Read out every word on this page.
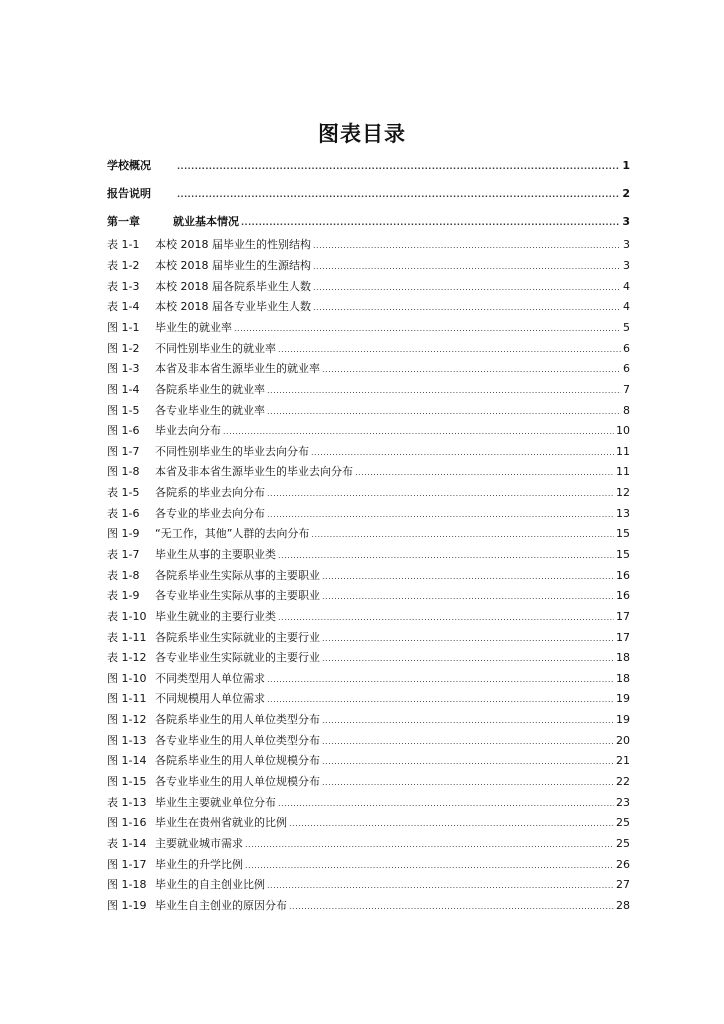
图表目录
学校概况 .....	1
报告说明 .....	2
第一章	就业基本情况 .....	3
表 1-1	本校 2018 届毕业生的性别结构 .....	3
表 1-2	本校 2018 届毕业生的生源结构 .....	3
表 1-3	本校 2018 届各院系毕业生人数 .....	4
表 1-4	本校 2018 届各专业毕业生人数 .....	4
图 1-1	毕业生的就业率 .....	5
图 1-2	不同性别毕业生的就业率 .....	6
图 1-3	本省及非本省生源毕业生的就业率 .....	6
图 1-4	各院系毕业生的就业率 .....	7
图 1-5	各专业毕业生的就业率 .....	8
图 1-6	毕业去向分布 .....	10
图 1-7	不同性别毕业生的毕业去向分布 .....	11
图 1-8	本省及非本省生源毕业生的毕业去向分布 .....	11
表 1-5	各院系的毕业去向分布 .....	12
表 1-6	各专业的毕业去向分布 .....	13
图 1-9	“无工作，其他”人群的去向分布 .....	15
表 1-7	毕业生从事的主要职业类 .....	15
表 1-8	各院系毕业生实际从事的主要职业 .....	16
表 1-9	各专业毕业生实际从事的主要职业 .....	16
表 1-10 毕业生就业的主要行业类 .....	17
表 1-11 各院系毕业生实际就业的主要行业 .....	17
表 1-12 各专业毕业生实际就业的主要行业 .....	18
图 1-10 不同类型用人单位需求 .....	18
图 1-11 不同规模用人单位需求 .....	19
图 1-12 各院系毕业生的用人单位类型分布 .....	19
图 1-13 各专业毕业生的用人单位类型分布 .....	20
图 1-14 各院系毕业生的用人单位规模分布 .....	21
图 1-15 各专业毕业生的用人单位规模分布 .....	22
表 1-13 毕业生主要就业单位分布 .....	23
图 1-16 毕业生在贵州省就业的比例 .....	25
表 1-14 主要就业城市需求 .....	25
图 1-17 毕业生的升学比例 .....	26
图 1-18 毕业生的自主创业比例 .....	27
图 1-19 毕业生自主创业的原因分布 .....	28
